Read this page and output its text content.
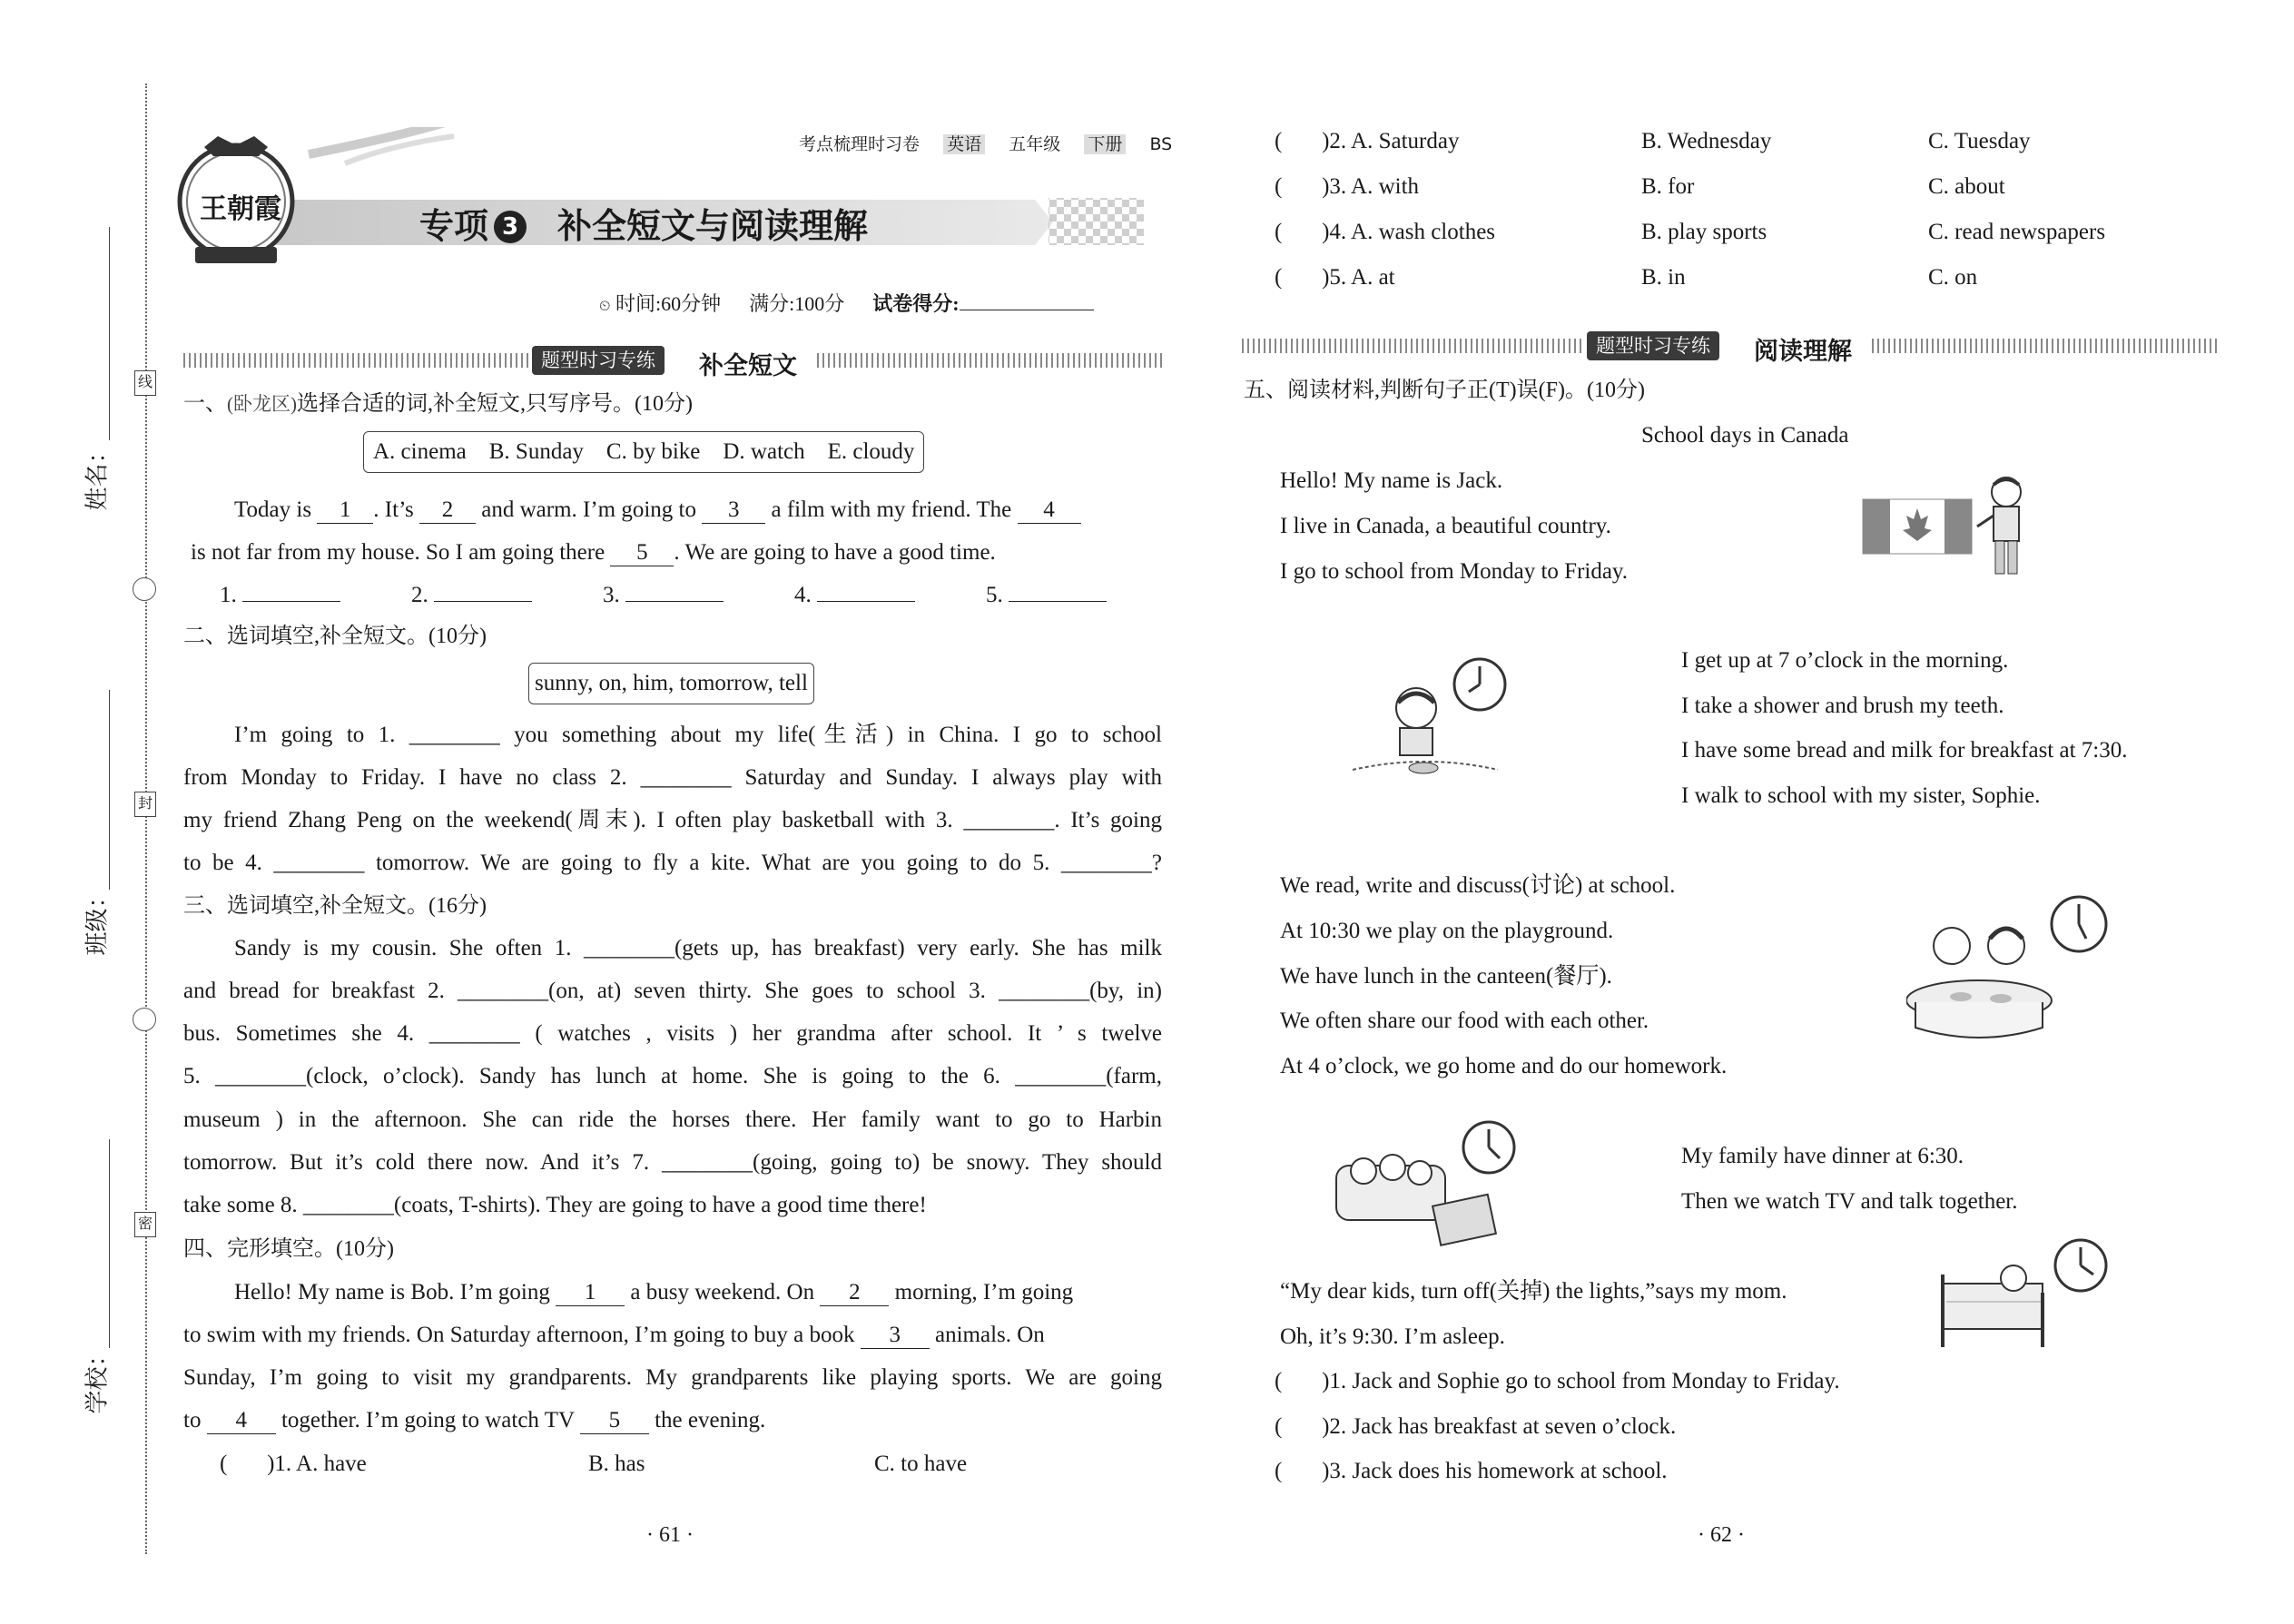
姓名：
班级：
学校：
线
封
密
考点梳理时习卷 英语 五年级 下册 BS
王朝霞	专项 3 补全短文与阅读理解
⏲ 时间:60分钟 满分:100分 试卷得分:
题型时习专练	补全短文
一、(卧龙区)选择合适的词,补全短文,只写序号。(10分)
A. cinema    B. Sunday    C. by bike    D. watch    E. cloudy
Today is 1 . It’s 2 and warm. I’m going to 3 a film with my friend. The 4
is not far from my house. So I am going there 5 . We are going to have a good time.
1.	2.	3.	4.	5.
二、选词填空,补全短文。(10分)
sunny, on, him, tomorrow, tell
I’m going to 1. ________ you something about my life(生活) in China. I go to school
from Monday to Friday. I have no class 2. ________ Saturday and Sunday. I always play with
my friend Zhang Peng on the weekend(周末). I often play basketball with 3. ________. It’s going
to be 4. ________ tomorrow. We are going to fly a kite. What are you going to do 5. ________?
三、选词填空,补全短文。(16分)
Sandy is my cousin. She often 1. ________(gets up, has breakfast) very early. She has milk
and bread for breakfast 2. ________(on, at) seven thirty. She goes to school 3. ________(by, in)
bus. Sometimes she 4. ________ ( watches , visits ) her grandma after school. It ’ s twelve
5. ________(clock, o’clock). Sandy has lunch at home. She is going to the 6. ________(farm,
museum ) in the afternoon. She can ride the horses there. Her family want to go to Harbin
tomorrow. But it’s cold there now. And it’s 7. ________(going, going to) be snowy. They should
take some 8. ________(coats, T-shirts). They are going to have a good time there!
四、完形填空。(10分)
Hello! My name is Bob. I’m going 1 a busy weekend. On 2 morning, I’m going
to swim with my friends. On Saturday afternoon, I’m going to buy a book 3 animals. On
Sunday, I’m going to visit my grandparents. My grandparents like playing sports. We are going
to 4 together. I’m going to watch TV 5 the evening.
(       )1. A. have	B. has	C. to have
· 61 ·
(       )2. A. Saturday	B. Wednesday	C. Tuesday
(       )3. A. with	B. for	C. about
(       )4. A. wash clothes	B. play sports	C. read newspapers
(       )5. A. at	B. in	C. on
题型时习专练	阅读理解
五、阅读材料,判断句子正(T)误(F)。(10分)
School days in Canada
Hello! My name is Jack.
I live in Canada, a beautiful country.
I go to school from Monday to Friday.
I get up at 7 o’clock in the morning.
I take a shower and brush my teeth.
I have some bread and milk for breakfast at 7:30.
I walk to school with my sister, Sophie.
We read, write and discuss(讨论) at school.
At 10:30 we play on the playground.
We have lunch in the canteen(餐厅).
We often share our food with each other.
At 4 o’clock, we go home and do our homework.
My family have dinner at 6:30.
Then we watch TV and talk together.
“My dear kids, turn off(关掉) the lights,”says my mom.
Oh, it’s 9:30. I’m asleep.
(       )1. Jack and Sophie go to school from Monday to Friday.
(       )2. Jack has breakfast at seven o’clock.
(       )3. Jack does his homework at school.
· 62 ·
